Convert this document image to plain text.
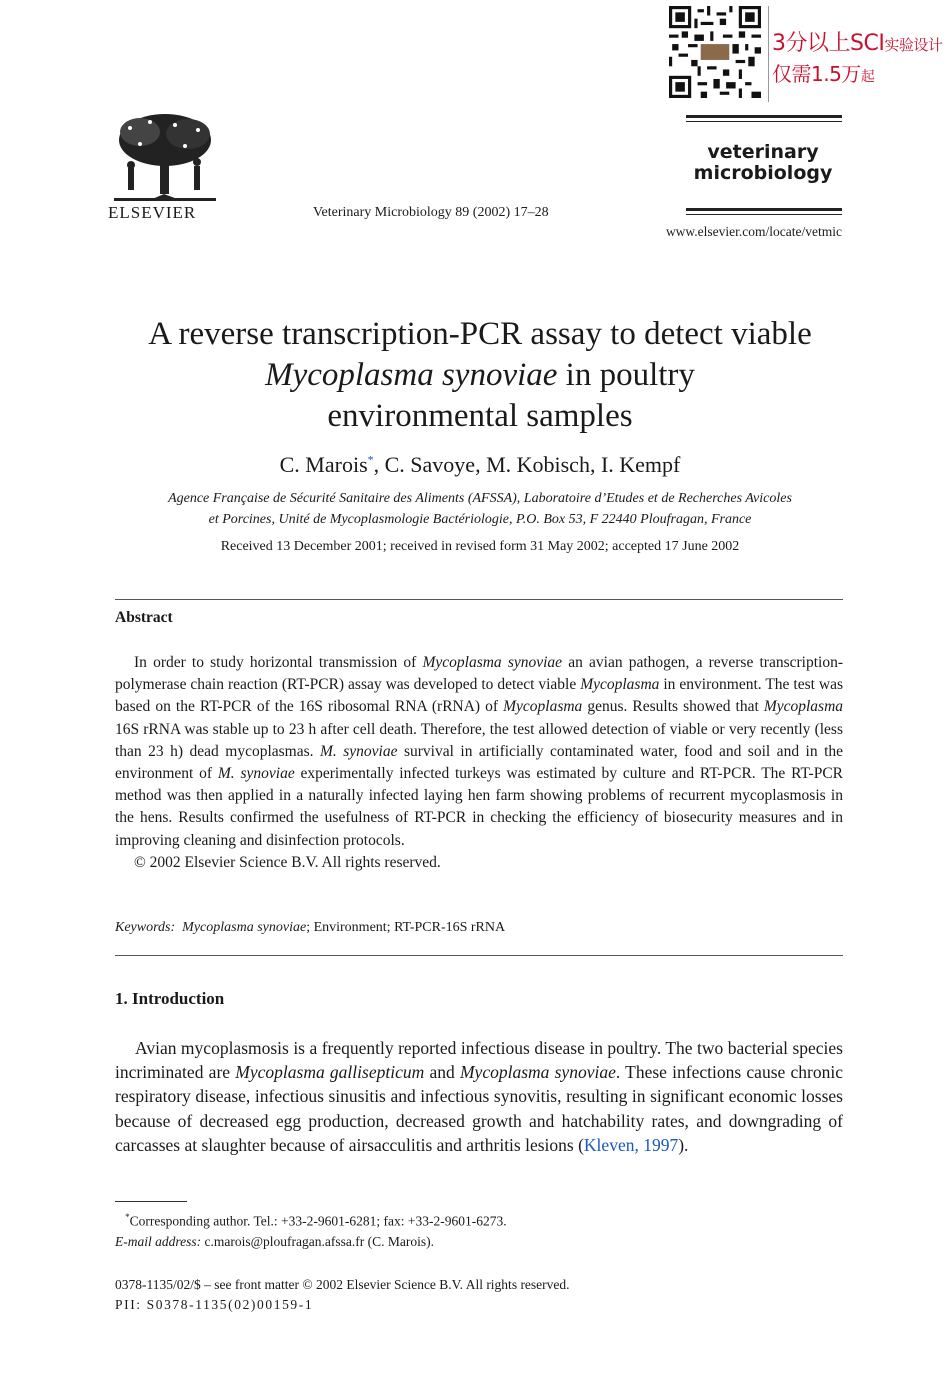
3分以上SCI实验设计
仅需1.5万起
ELSEVIER	Veterinary Microbiology 89 (2002) 17–28
veterinary
microbiology
www.elsevier.com/locate/vetmic
A reverse transcription-PCR assay to detect viable
Mycoplasma synoviae in poultry
environmental samples
C. Marois*, C. Savoye, M. Kobisch, I. Kempf
Agence Française de Sécurité Sanitaire des Aliments (AFSSA), Laboratoire d’Etudes et de Recherches Avicoles
et Porcines, Unité de Mycoplasmologie Bactériologie, P.O. Box 53, F 22440 Ploufragan, France
Received 13 December 2001; received in revised form 31 May 2002; accepted 17 June 2002
Abstract

In order to study horizontal transmission of Mycoplasma synoviae an avian pathogen, a reverse transcription-polymerase chain reaction (RT-PCR) assay was developed to detect viable Mycoplasma in environment. The test was based on the RT-PCR of the 16S ribosomal RNA (rRNA) of Mycoplasma genus. Results showed that Mycoplasma 16S rRNA was stable up to 23 h after cell death. Therefore, the test allowed detection of viable or very recently (less than 23 h) dead mycoplasmas. M. synoviae survival in artificially contaminated water, food and soil and in the environment of M. synoviae experimentally infected turkeys was estimated by culture and RT-PCR. The RT-PCR method was then applied in a naturally infected laying hen farm showing problems of recurrent mycoplasmosis in the hens. Results confirmed the usefulness of RT-PCR in checking the efficiency of biosecurity measures and in improving cleaning and disinfection protocols.

© 2002 Elsevier Science B.V. All rights reserved.

Keywords: Mycoplasma synoviae; Environment; RT-PCR-16S rRNA
1. Introduction

Avian mycoplasmosis is a frequently reported infectious disease in poultry. The two bacterial species incriminated are Mycoplasma gallisepticum and Mycoplasma synoviae. These infections cause chronic respiratory disease, infectious sinusitis and infectious synovitis, resulting in significant economic losses because of decreased egg production, decreased growth and hatchability rates, and downgrading of carcasses at slaughter because of airsacculitis and arthritis lesions (Kleven, 1997).

*Corresponding author. Tel.: +33-2-9601-6281; fax: +33-2-9601-6273.
E-mail address: c.marois@ploufragan.afssa.fr (C. Marois).
0378-1135/02/$ – see front matter © 2002 Elsevier Science B.V. All rights reserved.
PII: S0378-1135(02)00159-1
